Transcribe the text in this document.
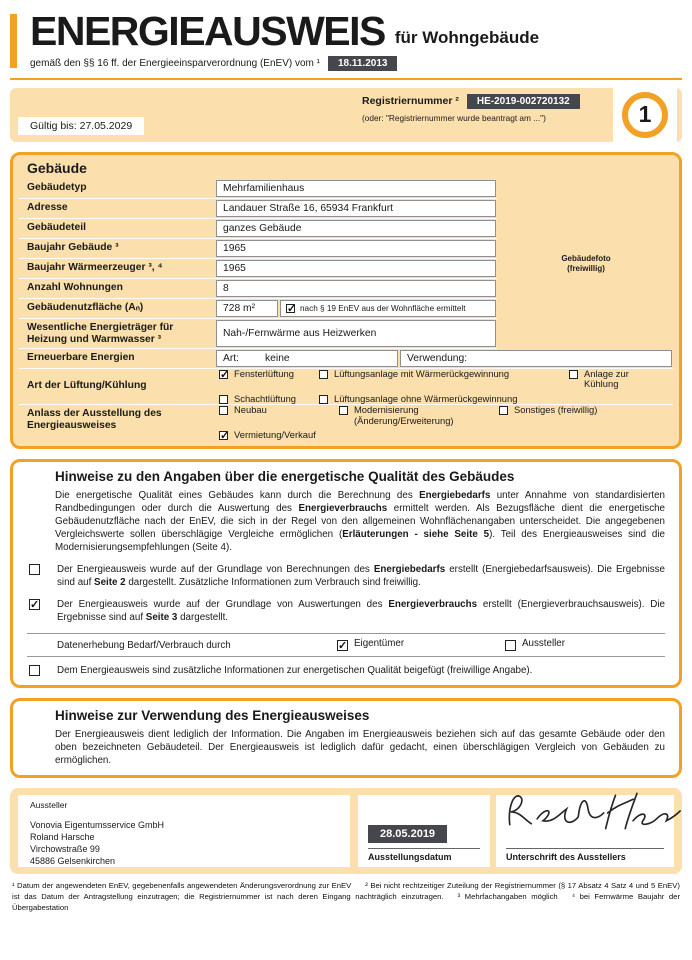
ENERGIEAUSWEIS für Wohngebäude
gemäß den §§ 16 ff. der Energieeinsparverordnung (EnEV) vom ¹	18.11.2013
Gültig bis: 27.05.2029
Registriernummer ²	HE-2019-002720132
(oder: "Registriernummer wurde beantragt am ...")	1
Gebäude
Gebäudefoto
(freiwillig)
Gebäudetyp	Mehrfamilienhaus
Adresse	Landauer Straße 16, 65934 Frankfurt
Gebäudeteil	ganzes Gebäude
Baujahr Gebäude ³	1965
Baujahr Wärmeerzeuger ³, ⁴	1965
Anzahl Wohnungen	8
Gebäudenutzfläche (Aₙ)	728 m²	✓ nach § 19 EnEV aus der Wohnfläche ermittelt
Wesentliche Energieträger für Heizung und Warmwasser ³
Nah-/Fernwärme aus Heizwerken
Erneuerbare Energien	Art:	keine	Verwendung:
Art der Lüftung/Kühlung
✓ Fensterlüftung	Lüftungsanlage mit Wärmerückgewinnung	Anlage zur Kühlung
Schachtlüftung	Lüftungsanlage ohne Wärmerückgewinnung
Anlass der Ausstellung des Energieausweises
Neubau	Modernisierung (Änderung/Erweiterung)
Sonstiges (freiwillig)
✓ Vermietung/Verkauf
Hinweise zu den Angaben über die energetische Qualität des Gebäudes

Die energetische Qualität eines Gebäudes kann durch die Berechnung des Energiebedarfs unter Annahme von standardisierten Randbedingungen oder durch die Auswertung des Energieverbrauchs ermittelt werden. Als Bezugsfläche dient die energetische Gebäudenutzfläche nach der EnEV, die sich in der Regel von den allgemeinen Wohnflächenangaben unterscheidet. Die angegebenen Vergleichswerte sollen überschlägige Vergleiche ermöglichen (Erläuterungen - siehe Seite 5). Teil des Energieausweises sind die Modernisierungsempfehlungen (Seite 4).

Der Energieausweis wurde auf der Grundlage von Berechnungen des Energiebedarfs erstellt (Energiebedarfsausweis). Die Ergebnisse sind auf Seite 2 dargestellt. Zusätzliche Informationen zum Verbrauch sind freiwillig.

✓ Der Energieausweis wurde auf der Grundlage von Auswertungen des Energieverbrauchs erstellt (Energieverbrauchsausweis). Die Ergebnisse sind auf Seite 3 dargestellt.

Datenerhebung Bedarf/Verbrauch durch	✓ Eigentümer	Aussteller

Dem Energieausweis sind zusätzliche Informationen zur energetischen Qualität beigefügt (freiwillige Angabe).

Hinweise zur Verwendung des Energieausweises

Der Energieausweis dient lediglich der Information. Die Angaben im Energieausweis beziehen sich auf das gesamte Gebäude oder den oben bezeichneten Gebäudeteil. Der Energieausweis ist lediglich dafür gedacht, einen überschlägigen Vergleich von Gebäuden zu ermöglichen.

Aussteller
Vonovia Eigentumsservice GmbH
Roland Harsche
Virchowstraße 99
45886 Gelsenkirchen
28.05.2019
Ausstellungsdatum	Unterschrift des Ausstellers

¹ Datum der angewendeten EnEV, gegebenenfalls angewendeten Änderungsverordnung zur EnEV ² Bei nicht rechtzeitiger Zuteilung der Registriernummer (§ 17 Absatz 4 Satz 4 und 5 EnEV) ist das Datum der Antragstellung einzutragen; die Registriernummer ist nach deren Eingang nachträglich einzutragen. ³ Mehrfachangaben möglich ⁴ bei Fernwärme Baujahr der Übergabestation
